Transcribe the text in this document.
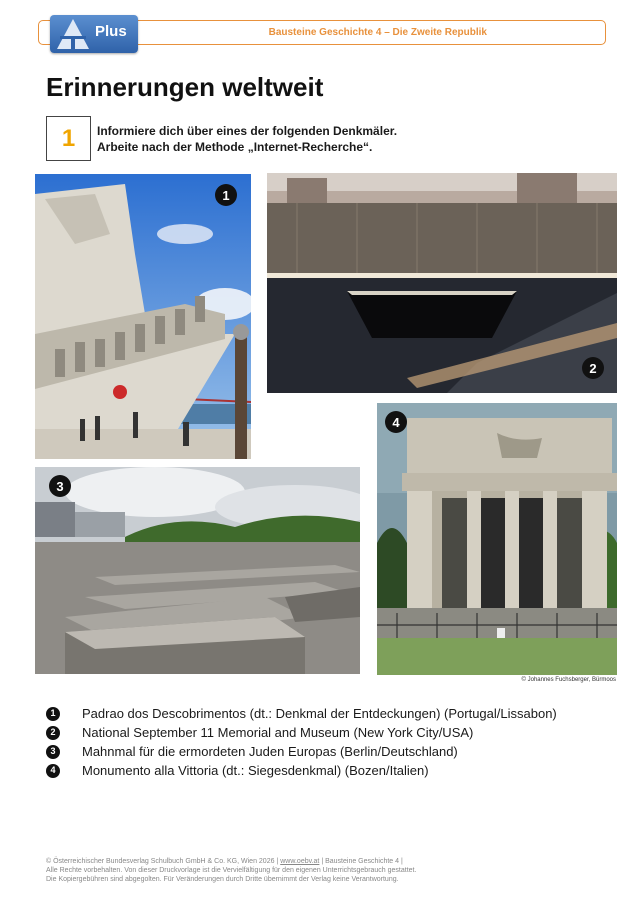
Bausteine Geschichte 4 – Die Zweite Republik
Plus
Erinnerungen weltweit
1	Informiere dich über eines der folgenden Denkmäler.
Arbeite nach der Methode „Internet-Recherche“.
1
2
3
4
© Johannes Fuchsberger, Bürmoos
1	Padrao dos Descobrimentos (dt.: Denkmal der Entdeckungen) (Portugal/Lissabon)
2	National September 11 Memorial and Museum (New York City/USA)
3	Mahnmal für die ermordeten Juden Europas (Berlin/Deutschland)
4	Monumento alla Vittoria (dt.: Siegesdenkmal) (Bozen/Italien)
© Österreichischer Bundesverlag Schulbuch GmbH & Co. KG, Wien 2026 | www.oebv.at | Bausteine Geschichte 4 |
Alle Rechte vorbehalten. Von dieser Druckvorlage ist die Vervielfältigung für den eigenen Unterrichtsgebrauch gestattet.
Die Kopiergebühren sind abgegolten. Für Veränderungen durch Dritte übernimmt der Verlag keine Verantwortung.
